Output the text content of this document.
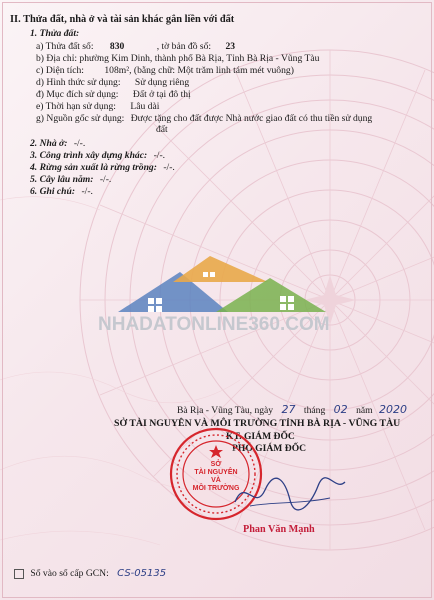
II. Thửa đất, nhà ở và tài sản khác gắn liền với đất
1. Thửa đất:
a) Thửa đất số: 830	, tờ bản đồ số: 23
b) Địa chỉ: phường Kim Dinh, thành phố Bà Rịa, Tỉnh Bà Rịa - Vũng Tàu
c) Diện tích: 108m², (bằng chữ: Một trăm linh tám mét vuông)
d) Hình thức sử dụng: Sử dụng riêng
đ) Mục đích sử dụng: Đất ở tại đô thị
e) Thời hạn sử dụng: Lâu dài
g) Nguồn gốc sử dụng: Được tặng cho đất được Nhà nước giao đất có thu tiền sử dụng
đất
2. Nhà ở: -/-.
3. Công trình xây dựng khác: -/-.
4. Rừng sản xuất là rừng trồng: -/-.
5. Cây lâu năm: -/-.
6. Ghi chú: -/-.
NHADATONLINE360.COM
Bà Rịa - Vũng Tàu, ngày 27 tháng 02 năm 2020
SỞ TÀI NGUYÊN VÀ MÔI TRƯỜNG TỈNH BÀ RỊA - VŨNG TÀU
KT. GIÁM ĐỐC
PHÓ GIÁM ĐỐC
SỞ
TÀI NGUYÊN
VÀ
MÔI TRƯỜNG
Phan Văn Mạnh
Số vào sổ cấp GCN: CS-05135
